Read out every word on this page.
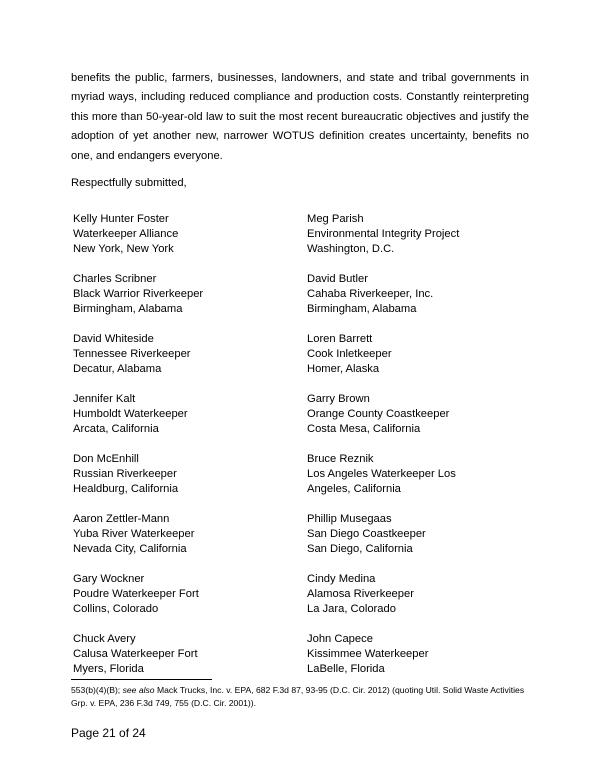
benefits the public, farmers, businesses, landowners, and state and tribal governments in myriad ways, including reduced compliance and production costs. Constantly reinterpreting this more than 50-year-old law to suit the most recent bureaucratic objectives and justify the adoption of yet another new, narrower WOTUS definition creates uncertainty, benefits no one, and endangers everyone.

Respectfully submitted,

Kelly Hunter Foster
Waterkeeper Alliance
New York, New York
Meg Parish
Environmental Integrity Project
Washington, D.C.
Charles Scribner
Black Warrior Riverkeeper
Birmingham, Alabama
David Butler
Cahaba Riverkeeper, Inc.
Birmingham, Alabama
David Whiteside
Tennessee Riverkeeper
Decatur, Alabama
Loren Barrett
Cook Inletkeeper
Homer, Alaska
Jennifer Kalt
Humboldt Waterkeeper
Arcata, California
Garry Brown
Orange County Coastkeeper
Costa Mesa, California
Don McEnhill
Russian Riverkeeper
Healdburg, California
Bruce Reznik
Los Angeles Waterkeeper Los
Angeles, California
Aaron Zettler-Mann
Yuba River Waterkeeper
Nevada City, California
Phillip Musegaas
San Diego Coastkeeper
San Diego, California
Gary Wockner
Poudre Waterkeeper Fort
Collins, Colorado
Cindy Medina
Alamosa Riverkeeper
La Jara, Colorado
Chuck Avery
Calusa Waterkeeper Fort
Myers, Florida
John Capece
Kissimmee Waterkeeper
LaBelle, Florida

553(b)(4)(B); see also Mack Trucks, Inc. v. EPA, 682 F.3d 87, 93-95 (D.C. Cir. 2012) (quoting Util. Solid Waste Activities Grp. v. EPA, 236 F.3d 749, 755 (D.C. Cir. 2001)).

Page 21 of 24
